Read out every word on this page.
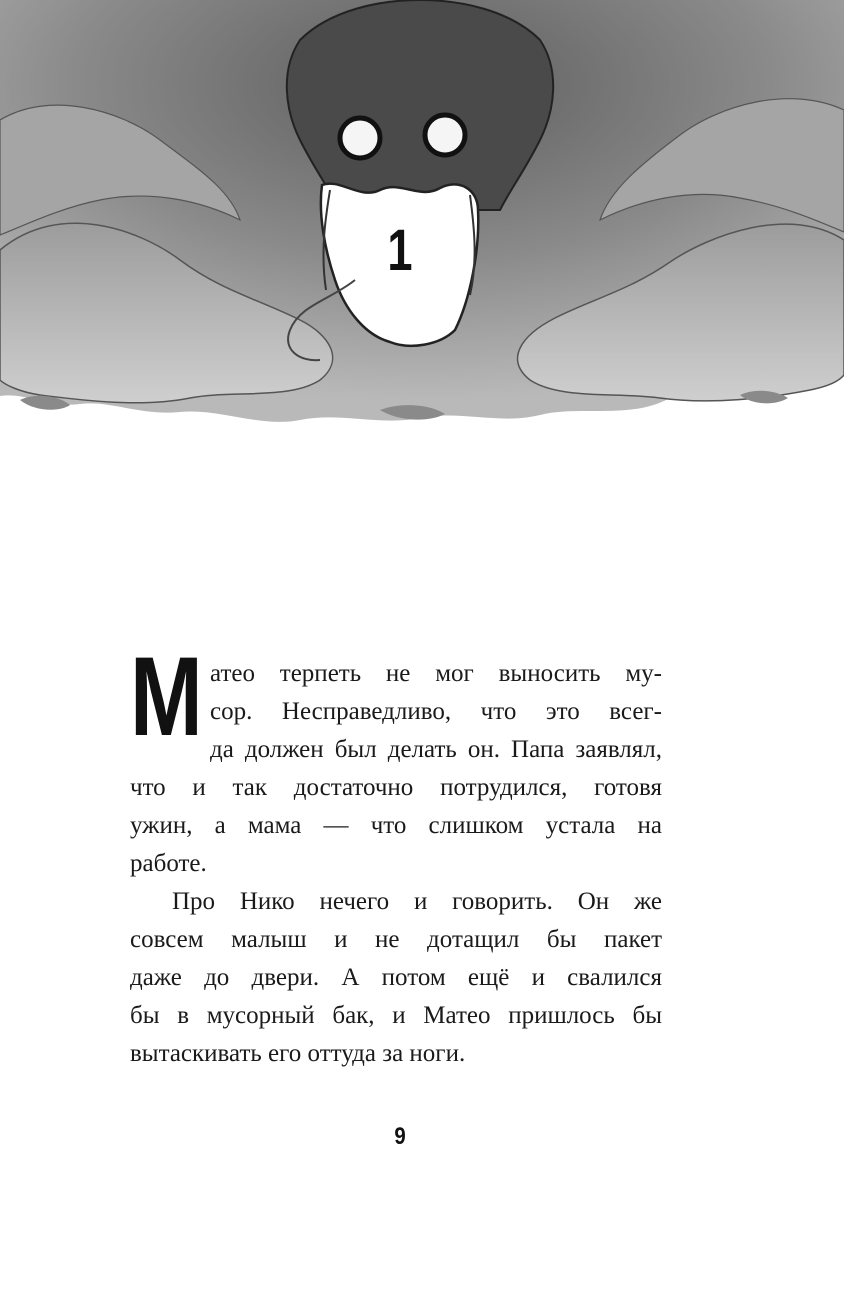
1

М атео терпеть не мог выносить му-
сор. Несправедливо, что это всег-
да должен был делать он. Папа заявлял,
что и так достаточно потрудился, готовя
ужин, а мама — что слишком устала на
работе.

Про Нико нечего и говорить. Он же
совсем малыш и не дотащил бы пакет
даже до двери. А потом ещё и свалился
бы в мусорный бак, и Матео пришлось бы
вытаскивать его оттуда за ноги.

9
